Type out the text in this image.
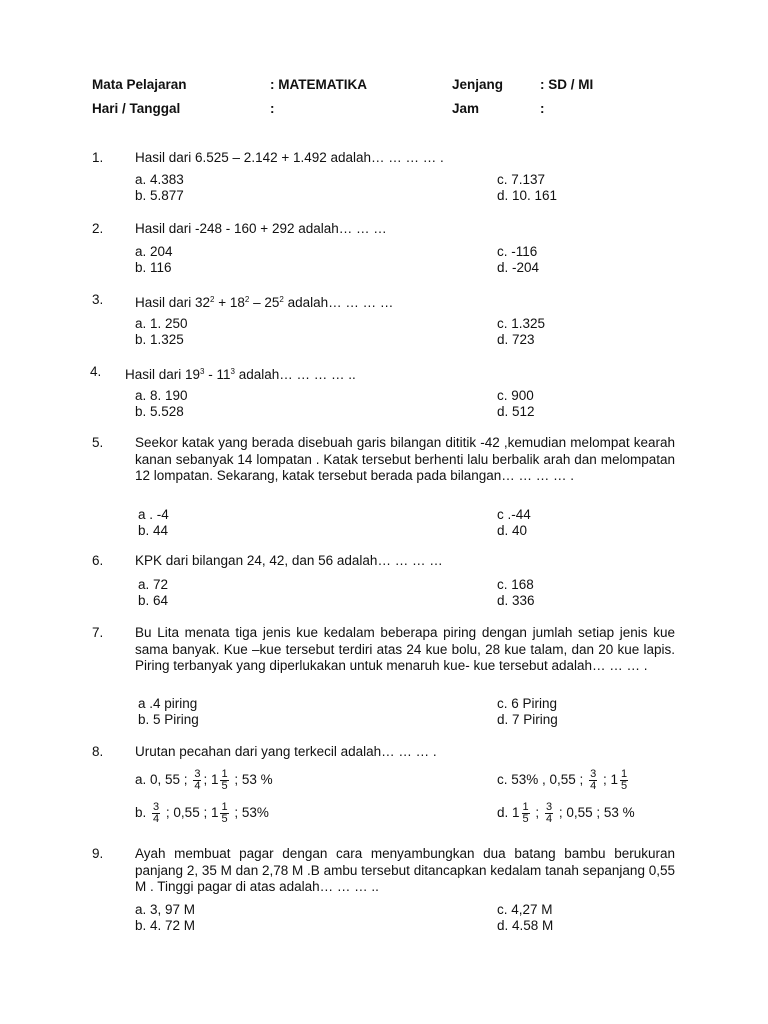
Mata Pelajaran	: MATEMATIKA	Jenjang	: SD / MI
Hari / Tanggal	:	Jam	:
1. Hasil dari 6.525 – 2.142 + 1.492 adalah… … … … .
a. 4.383
b. 5.877
c. 7.137
d. 10. 161
2. Hasil dari -248 - 160 + 292 adalah… … …
a. 204
b. 116
c. -116
d. -204
3. Hasil dari $32^2 + 18^2 - 25^2$ adalah… … … …
a. 1. 250
b. 1.325
c. 1.325
d. 723
4. Hasil dari $19^3 - 11^3$ adalah… … … … ..
a. 8. 190
b. 5.528
c. 900
d. 512
5. Seekor katak yang berada disebuah garis bilangan dititik -42 ,kemudian melompat kearah kanan sebanyak 14 lompatan . Katak tersebut berhenti lalu berbalik arah dan melompatan 12 lompatan. Sekarang, katak tersebut berada pada bilangan… … … … .
a . -4
b. 44
c .-44
d. 40
6. KPK dari bilangan 24, 42, dan 56 adalah… … … …
a. 72
b. 64
c. 168
d. 336
7. Bu Lita menata tiga jenis kue kedalam beberapa piring dengan jumlah setiap jenis kue sama banyak. Kue –kue tersebut terdiri atas 24 kue bolu, 28 kue talam, dan 20 kue lapis. Piring terbanyak yang diperlukakan untuk menaruh kue- kue tersebut adalah… … … .
a .4 piring
b. 5 Piring
c. 6 Piring
d. 7 Piring
8. Urutan pecahan dari yang terkecil adalah… … … .
a. 0, 55 ; $\frac{3}{4}$ ; $1 \frac{1}{5}$ ; 53 %
b. $\frac{3}{4}$ ; 0,55 ; $1 \frac{1}{5}$ ; 53%
c. 53% , 0,55 ; $\frac{3}{4}$ ; $1 \frac{1}{5}$
d. $1 \frac{1}{5}$ ; $\frac{3}{4}$ ; 0,55 ; 53 %
9. Ayah membuat pagar dengan cara menyambungkan dua batang bambu berukuran panjang 2, 35 M dan 2,78 M .B ambu tersebut ditancapkan kedalam tanah sepanjang 0,55 M . Tinggi pagar di atas adalah… … … ..
a. 3, 97 M
b. 4. 72 M
c. 4,27 M
d. 4.58 M
